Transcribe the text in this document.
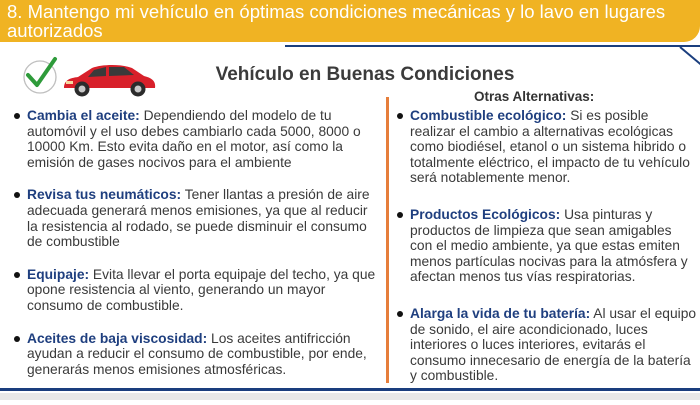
8. Mantengo mi vehículo en óptimas condiciones mecánicas y lo lavo en lugares autorizados
Vehículo en Buenas Condiciones
Otras Alternativas:
Cambia el aceite: Dependiendo del modelo de tu automóvil y el uso debes cambiarlo cada 5000, 8000 o 10000 Km. Esto evita daño en el motor, así como la emisión de gases nocivos para el ambiente
Revisa tus neumáticos: Tener llantas a presión de aire adecuada generará menos emisiones, ya que al reducir la resistencia al rodado, se puede disminuir el consumo de combustible
Equipaje: Evita llevar el porta equipaje del techo, ya que opone resistencia al viento, generando un mayor consumo de combustible.
Aceites de baja viscosidad: Los aceites antifricción ayudan a reducir el consumo de combustible, por ende, generarás menos emisiones atmosféricas.
Combustible ecológico: Si es posible realizar el cambio a alternativas ecológicas como biodiésel, etanol o un sistema hibrido o totalmente eléctrico, el impacto de tu vehículo será notablemente menor.
Productos Ecológicos: Usa pinturas y productos de limpieza que sean amigables con el medio ambiente, ya que estas emiten menos partículas nocivas para la atmósfera y afectan menos tus vías respiratorias.
Alarga la vida de tu batería: Al usar el equipo de sonido, el aire acondicionado, luces interiores o luces interiores, evitarás el consumo innecesario de energía de la batería y combustible.
